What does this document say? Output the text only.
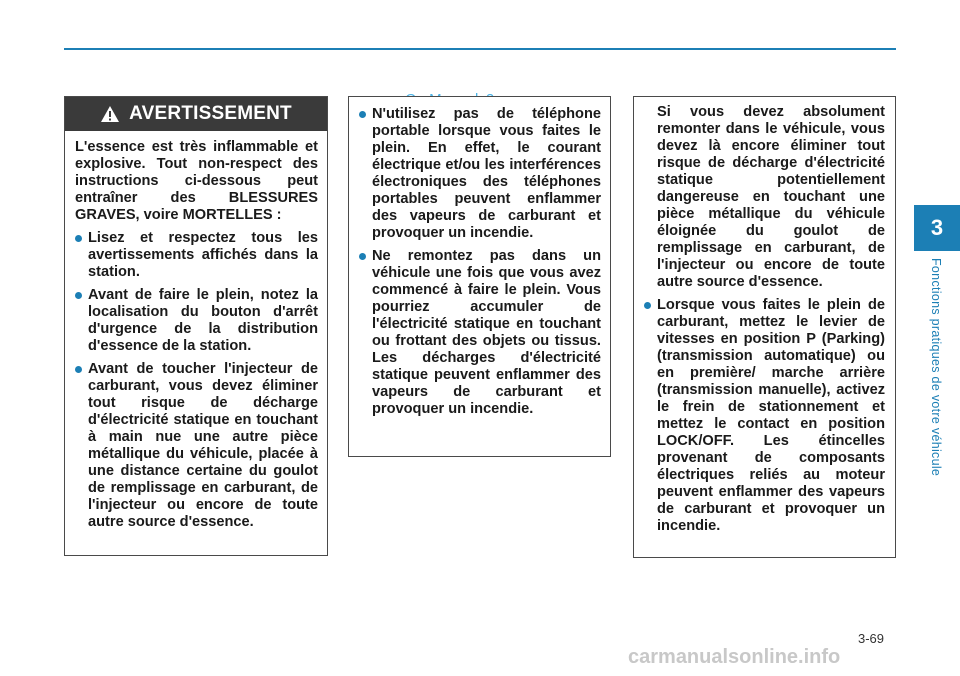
3
Fonctions pratiques de votre véhicule
AVERTISSEMENT

L'essence est très inflammable et explosive. Tout non-respect des instructions ci-dessous peut entraîner des BLESSURES GRAVES, voire MORTELLES :

Lisez et respectez tous les avertissements affichés dans la station.
Avant de faire le plein, notez la localisation du bouton d'arrêt d'urgence de la distribution d'essence de la station.
Avant de toucher l'injecteur de carburant, vous devez éliminer tout risque de décharge d'électricité statique en touchant à main nue une autre pièce métallique du véhicule, placée à une distance certaine du goulot de remplissage en carburant, de l'injecteur ou encore de toute autre source d'essence.
N'utilisez pas de téléphone portable lorsque vous faites le plein. En effet, le courant électrique et/ou les interférences électroniques des téléphones portables peuvent enflammer des vapeurs de carburant et provoquer un incendie.
Ne remontez pas dans un véhicule une fois que vous avez commencé à faire le plein. Vous pourriez accumuler de l'électricité statique en touchant ou frottant des objets ou tissus. Les décharges d'électricité statique peuvent enflammer des vapeurs de carburant et provoquer un incendie.

Si vous devez absolument remonter dans le véhicule, vous devez là encore éliminer tout risque de décharge d'électricité statique potentiellement dangereuse en touchant une pièce métallique du véhicule éloignée du goulot de remplissage en carburant, de l'injecteur ou encore de toute autre source d'essence.

Lorsque vous faites le plein de carburant, mettez le levier de vitesses en position P (Parking) (transmission automatique) ou en première/ marche arrière (transmission manuelle), activez le frein de stationnement et mettez le contact en position LOCK/OFF. Les étincelles provenant de composants électriques reliés au moteur peuvent enflammer des vapeurs de carburant et provoquer un incendie.
3-69
carmanualsonline.info
